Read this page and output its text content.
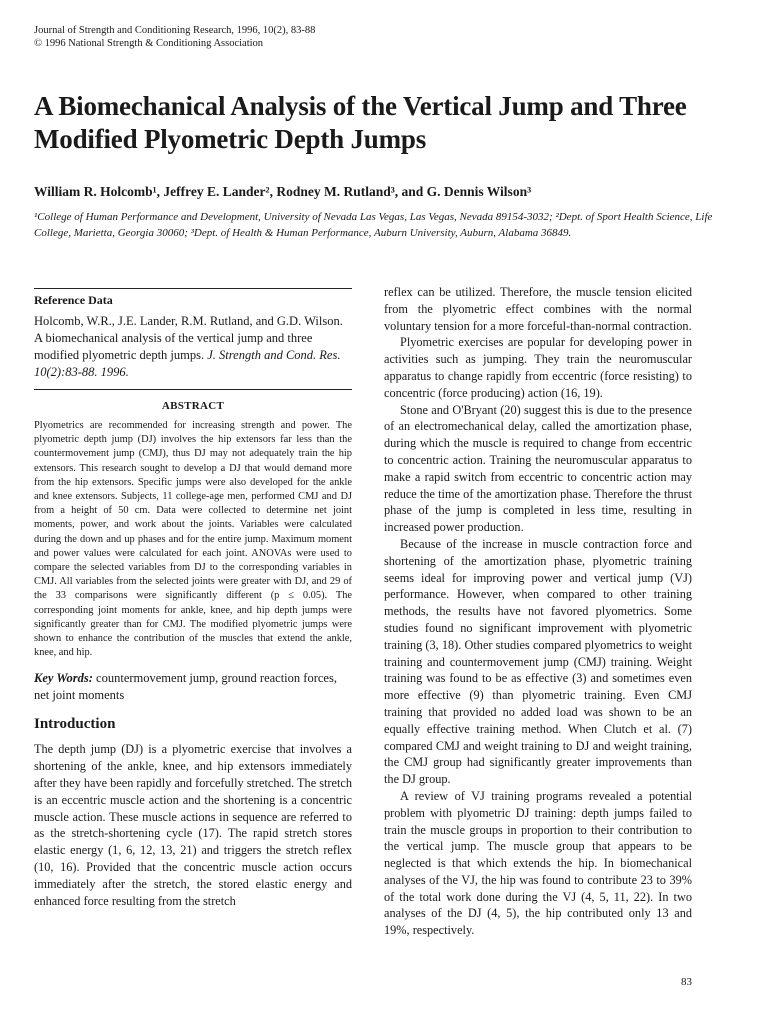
Journal of Strength and Conditioning Research, 1996, 10(2), 83-88
© 1996 National Strength & Conditioning Association
A Biomechanical Analysis of the Vertical Jump and Three Modified Plyometric Depth Jumps
William R. Holcomb¹, Jeffrey E. Lander², Rodney M. Rutland³, and G. Dennis Wilson³
¹College of Human Performance and Development, University of Nevada Las Vegas, Las Vegas, Nevada 89154-3032; ²Dept. of Sport Health Science, Life College, Marietta, Georgia 30060; ³Dept. of Health & Human Performance, Auburn University, Auburn, Alabama 36849.
Reference Data
Holcomb, W.R., J.E. Lander, R.M. Rutland, and G.D. Wilson. A biomechanical analysis of the vertical jump and three modified plyometric depth jumps. J. Strength and Cond. Res. 10(2):83-88. 1996.
ABSTRACT

Plyometrics are recommended for increasing strength and power. The plyometric depth jump (DJ) involves the hip extensors far less than the countermovement jump (CMJ), thus DJ may not adequately train the hip extensors. This research sought to develop a DJ that would demand more from the hip extensors. Specific jumps were also developed for the ankle and knee extensors. Subjects, 11 college-age men, performed CMJ and DJ from a height of 50 cm. Data were collected to determine net joint moments, power, and work about the joints. Variables were calculated during the down and up phases and for the entire jump. Maximum moment and power values were calculated for each joint. ANOVAs were used to compare the selected variables from DJ to the corresponding variables in CMJ. All variables from the selected joints were greater with DJ, and 29 of the 33 comparisons were significantly different (p ≤ 0.05). The corresponding joint moments for ankle, knee, and hip depth jumps were significantly greater than for CMJ. The modified plyometric jumps were shown to enhance the contribution of the muscles that extend the ankle, knee, and hip.

Key Words: countermovement jump, ground reaction forces, net joint moments
Introduction

The depth jump (DJ) is a plyometric exercise that involves a shortening of the ankle, knee, and hip extensors immediately after they have been rapidly and forcefully stretched. The stretch is an eccentric muscle action and the shortening is a concentric muscle action. These muscle actions in sequence are referred to as the stretch-shortening cycle (17). The rapid stretch stores elastic energy (1, 6, 12, 13, 21) and triggers the stretch reflex (10, 16). Provided that the concentric muscle action occurs immediately after the stretch, the stored elastic energy and enhanced force resulting from the stretch

reflex can be utilized. Therefore, the muscle tension elicited from the plyometric effect combines with the normal voluntary tension for a more forceful-than-normal contraction.

Plyometric exercises are popular for developing power in activities such as jumping. They train the neuromuscular apparatus to change rapidly from eccentric (force resisting) to concentric (force producing) action (16, 19).

Stone and O'Bryant (20) suggest this is due to the presence of an electromechanical delay, called the amortization phase, during which the muscle is required to change from eccentric to concentric action. Training the neuromuscular apparatus to make a rapid switch from eccentric to concentric action may reduce the time of the amortization phase. Therefore the thrust phase of the jump is completed in less time, resulting in increased power production.

Because of the increase in muscle contraction force and shortening of the amortization phase, plyometric training seems ideal for improving power and vertical jump (VJ) performance. However, when compared to other training methods, the results have not favored plyometrics. Some studies found no significant improvement with plyometric training (3, 18). Other studies compared plyometrics to weight training and countermovement jump (CMJ) training. Weight training was found to be as effective (3) and sometimes even more effective (9) than plyometric training. Even CMJ training that provided no added load was shown to be an equally effective training method. When Clutch et al. (7) compared CMJ and weight training to DJ and weight training, the CMJ group had significantly greater improvements than the DJ group.

A review of VJ training programs revealed a potential problem with plyometric DJ training: depth jumps failed to train the muscle groups in proportion to their contribution to the vertical jump. The muscle group that appears to be neglected is that which extends the hip. In biomechanical analyses of the VJ, the hip was found to contribute 23 to 39% of the total work done during the VJ (4, 5, 11, 22). In two analyses of the DJ (4, 5), the hip contributed only 13 and 19%, respectively.

83
